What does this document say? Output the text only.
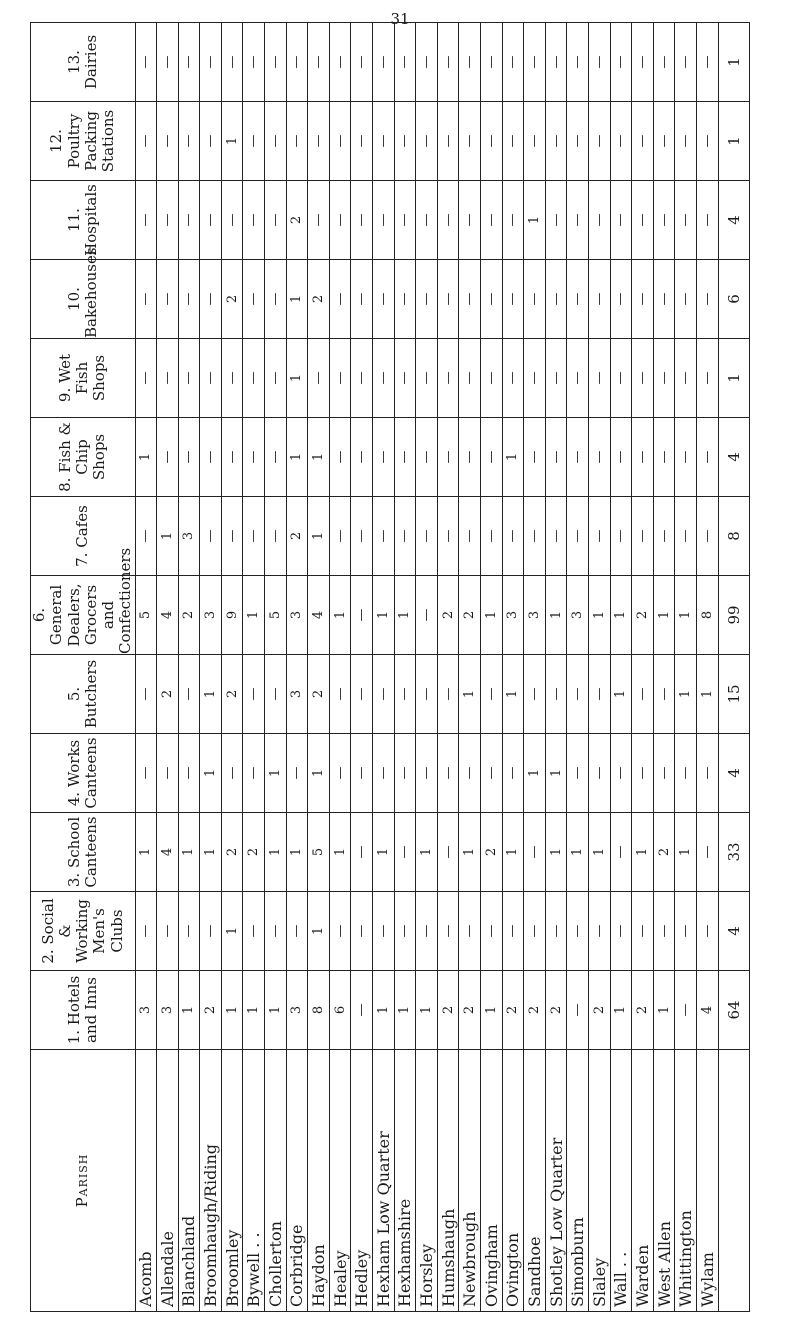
31
Parish	1. Hotels and Inns	2. Social & Working Men's Clubs	3. School Canteens	4. Works Canteens	5. Butchers	6. General Dealers, Grocers and Confectioners	7. Cafes	8. Fish & Chip Shops	9. Wet Fish Shops	10. Bakehouses	11. Hospitals	12. Poultry Packing Stations	13. Dairies
Acomb	3	—	1	—	—	5	—	1	—	—	—	—	—
Allendale	3	—	4	—	2	4	1	—	—	—	—	—	—
Blanchland	1	—	1	—	—	2	3	—	—	—	—	—	—
Broomhaugh/Riding	2	—	1	1	1	3	—	—	—	—	—	—	—
Broomley	1	1	2	—	2	9	—	—	—	2	—	1	—
Bywell . .	1	—	2	—	—	1	—	—	—	—	—	—	—
Chollerton	1	—	1	1	—	5	—	—	—	—	—	—	—
Corbridge	3	—	1	—	3	3	2	1	1	1	2	—	—
Haydon	8	1	5	1	2	4	1	1	—	2	—	—	—
Healey	6	—	1	—	—	1	—	—	—	—	—	—	—
Hedley	—	—	—	—	—	—	—	—	—	—	—	—	—
Hexham Low Quarter	1	—	1	—	—	1	—	—	—	—	—	—	—
Hexhamshire	1	—	—	—	—	1	—	—	—	—	—	—	—
Horsley	1	—	1	—	—	—	—	—	—	—	—	—	—
Humshaugh	2	—	—	—	—	2	—	—	—	—	—	—	—
Newbrough	2	—	1	—	1	2	—	—	—	—	—	—	—
Ovingham	1	—	2	—	—	1	—	—	—	—	—	—	—
Ovington	2	—	1	—	1	3	—	1	—	—	—	—	—
Sandhoe	2	—	—	1	—	3	—	—	—	—	1	—	—
Shotley Low Quarter	2	—	1	1	—	1	—	—	—	—	—	—	—
Simonburn	—	—	1	—	—	3	—	—	—	—	—	—	—
Slaley	2	—	1	—	—	1	—	—	—	—	—	—	—
Wall . .	1	—	—	—	1	1	—	—	—	—	—	—	—
Warden	2	—	1	—	—	2	—	—	—	—	—	—	—
West Allen	1	—	2	—	—	1	—	—	—	—	—	—	—
Whittington	—	—	1	—	1	1	—	—	—	—	—	—	—
Wylam	4	—	—	—	1	8	—	—	—	—	—	—	—
	64	4	33	4	15	99	8	4	1	6	4	1	1
